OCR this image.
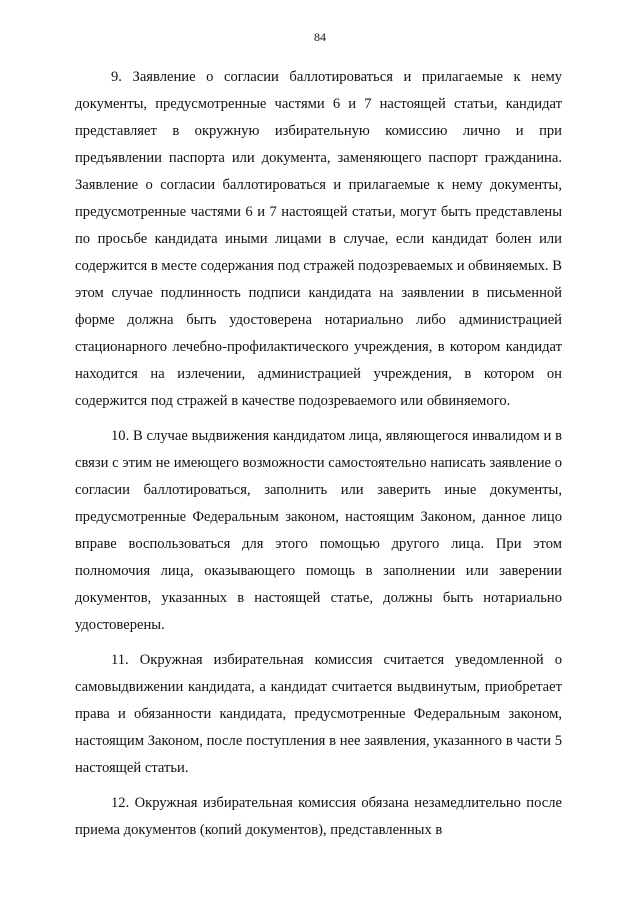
84

9. Заявление о согласии баллотироваться и прилагаемые к нему документы, предусмотренные частями 6 и 7 настоящей статьи, кандидат представляет в окружную избирательную комиссию лично и при предъявлении паспорта или документа, заменяющего паспорт гражданина. Заявление о согласии баллотироваться и прилагаемые к нему документы, предусмотренные частями 6 и 7 настоящей статьи, могут быть представлены по просьбе кандидата иными лицами в случае, если кандидат болен или содержится в месте содержания под стражей подозреваемых и обвиняемых. В этом случае подлинность подписи кандидата на заявлении в письменной форме должна быть удостоверена нотариально либо администрацией стационарного лечебно-профилактического учреждения, в котором кандидат находится на излечении, администрацией учреждения, в котором он содержится под стражей в качестве подозреваемого или обвиняемого.

10. В случае выдвижения кандидатом лица, являющегося инвалидом и в связи с этим не имеющего возможности самостоятельно написать заявление о согласии баллотироваться, заполнить или заверить иные документы, предусмотренные Федеральным законом, настоящим Законом, данное лицо вправе воспользоваться для этого помощью другого лица. При этом полномочия лица, оказывающего помощь в заполнении или заверении документов, указанных в настоящей статье, должны быть нотариально удостоверены.

11. Окружная избирательная комиссия считается уведомленной о самовыдвижении кандидата, а кандидат считается выдвинутым, приобретает права и обязанности кандидата, предусмотренные Федеральным законом, настоящим Законом, после поступления в нее заявления, указанного в части 5 настоящей статьи.

12. Окружная избирательная комиссия обязана незамедлительно после приема документов (копий документов), представленных в
